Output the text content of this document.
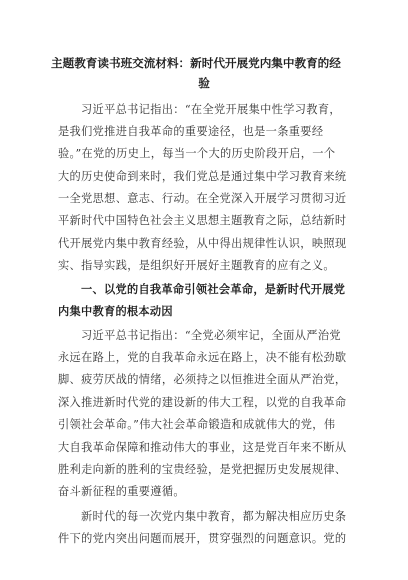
主题教育读书班交流材料：新时代开展党内集中教育的经
验
习近平总书记指出：“在全党开展集中性学习教育，
是我们党推进自我革命的重要途径，也是一条重要经
验。”在党的历史上，每当一个大的历史阶段开启，一个
大的历史使命到来时，我们党总是通过集中学习教育来统
一全党思想、意志、行动。在全党深入开展学习贯彻习近
平新时代中国特色社会主义思想主题教育之际，总结新时
代开展党内集中教育经验，从中得出规律性认识，映照现
实、指导实践，是组织好开展好主题教育的应有之义。
一、以党的自我革命引领社会革命，是新时代开展党
内集中教育的根本动因
习近平总书记指出：“全党必须牢记，全面从严治党
永远在路上，党的自我革命永远在路上，决不能有松劲歇
脚、疲劳厌战的情绪，必须持之以恒推进全面从严治党，
深入推进新时代党的建设新的伟大工程，以党的自我革命
引领社会革命。”伟大社会革命锻造和成就伟大的党，伟
大自我革命保障和推动伟大的事业，这是党百年来不断从
胜利走向新的胜利的宝贵经验，是党把握历史发展规律、
奋斗新征程的重要遵循。
新时代的每一次党内集中教育，都为解决相应历史条
件下的党内突出问题而展开，贯穿强烈的问题意识。党的
